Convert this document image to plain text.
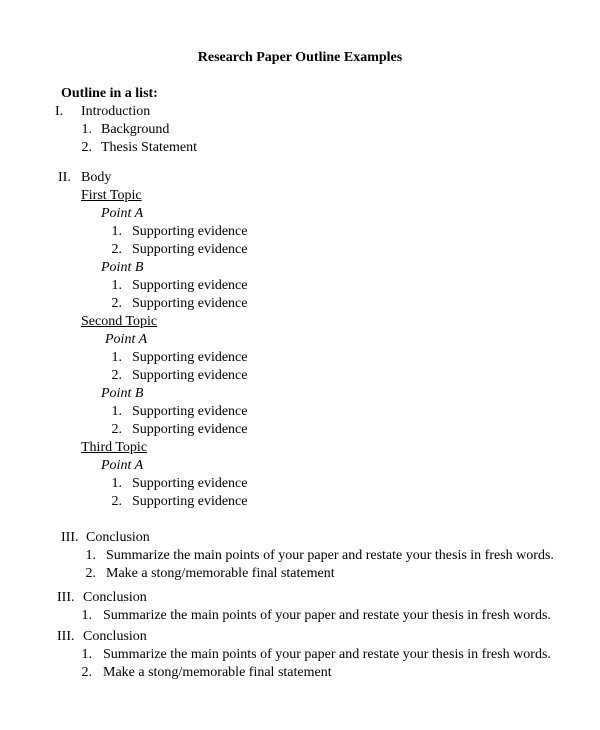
Research Paper Outline Examples
Outline in a list:
I.	Introduction
1. Background
2. Thesis Statement
II. Body
First Topic
Point A
1. Supporting evidence
2. Supporting evidence
Point B
1. Supporting evidence
2. Supporting evidence
Second Topic
Point A
1. Supporting evidence
2. Supporting evidence
Point B
1. Supporting evidence
2. Supporting evidence
Third Topic
Point A
1. Supporting evidence
2. Supporting evidence
III. Conclusion
1. Summarize the main points of your paper and restate your thesis in fresh words.
2. Make a stong/memorable final statement
III. Conclusion
1. Summarize the main points of your paper and restate your thesis in fresh words.
III. Conclusion
1. Summarize the main points of your paper and restate your thesis in fresh words.
2. Make a stong/memorable final statement
